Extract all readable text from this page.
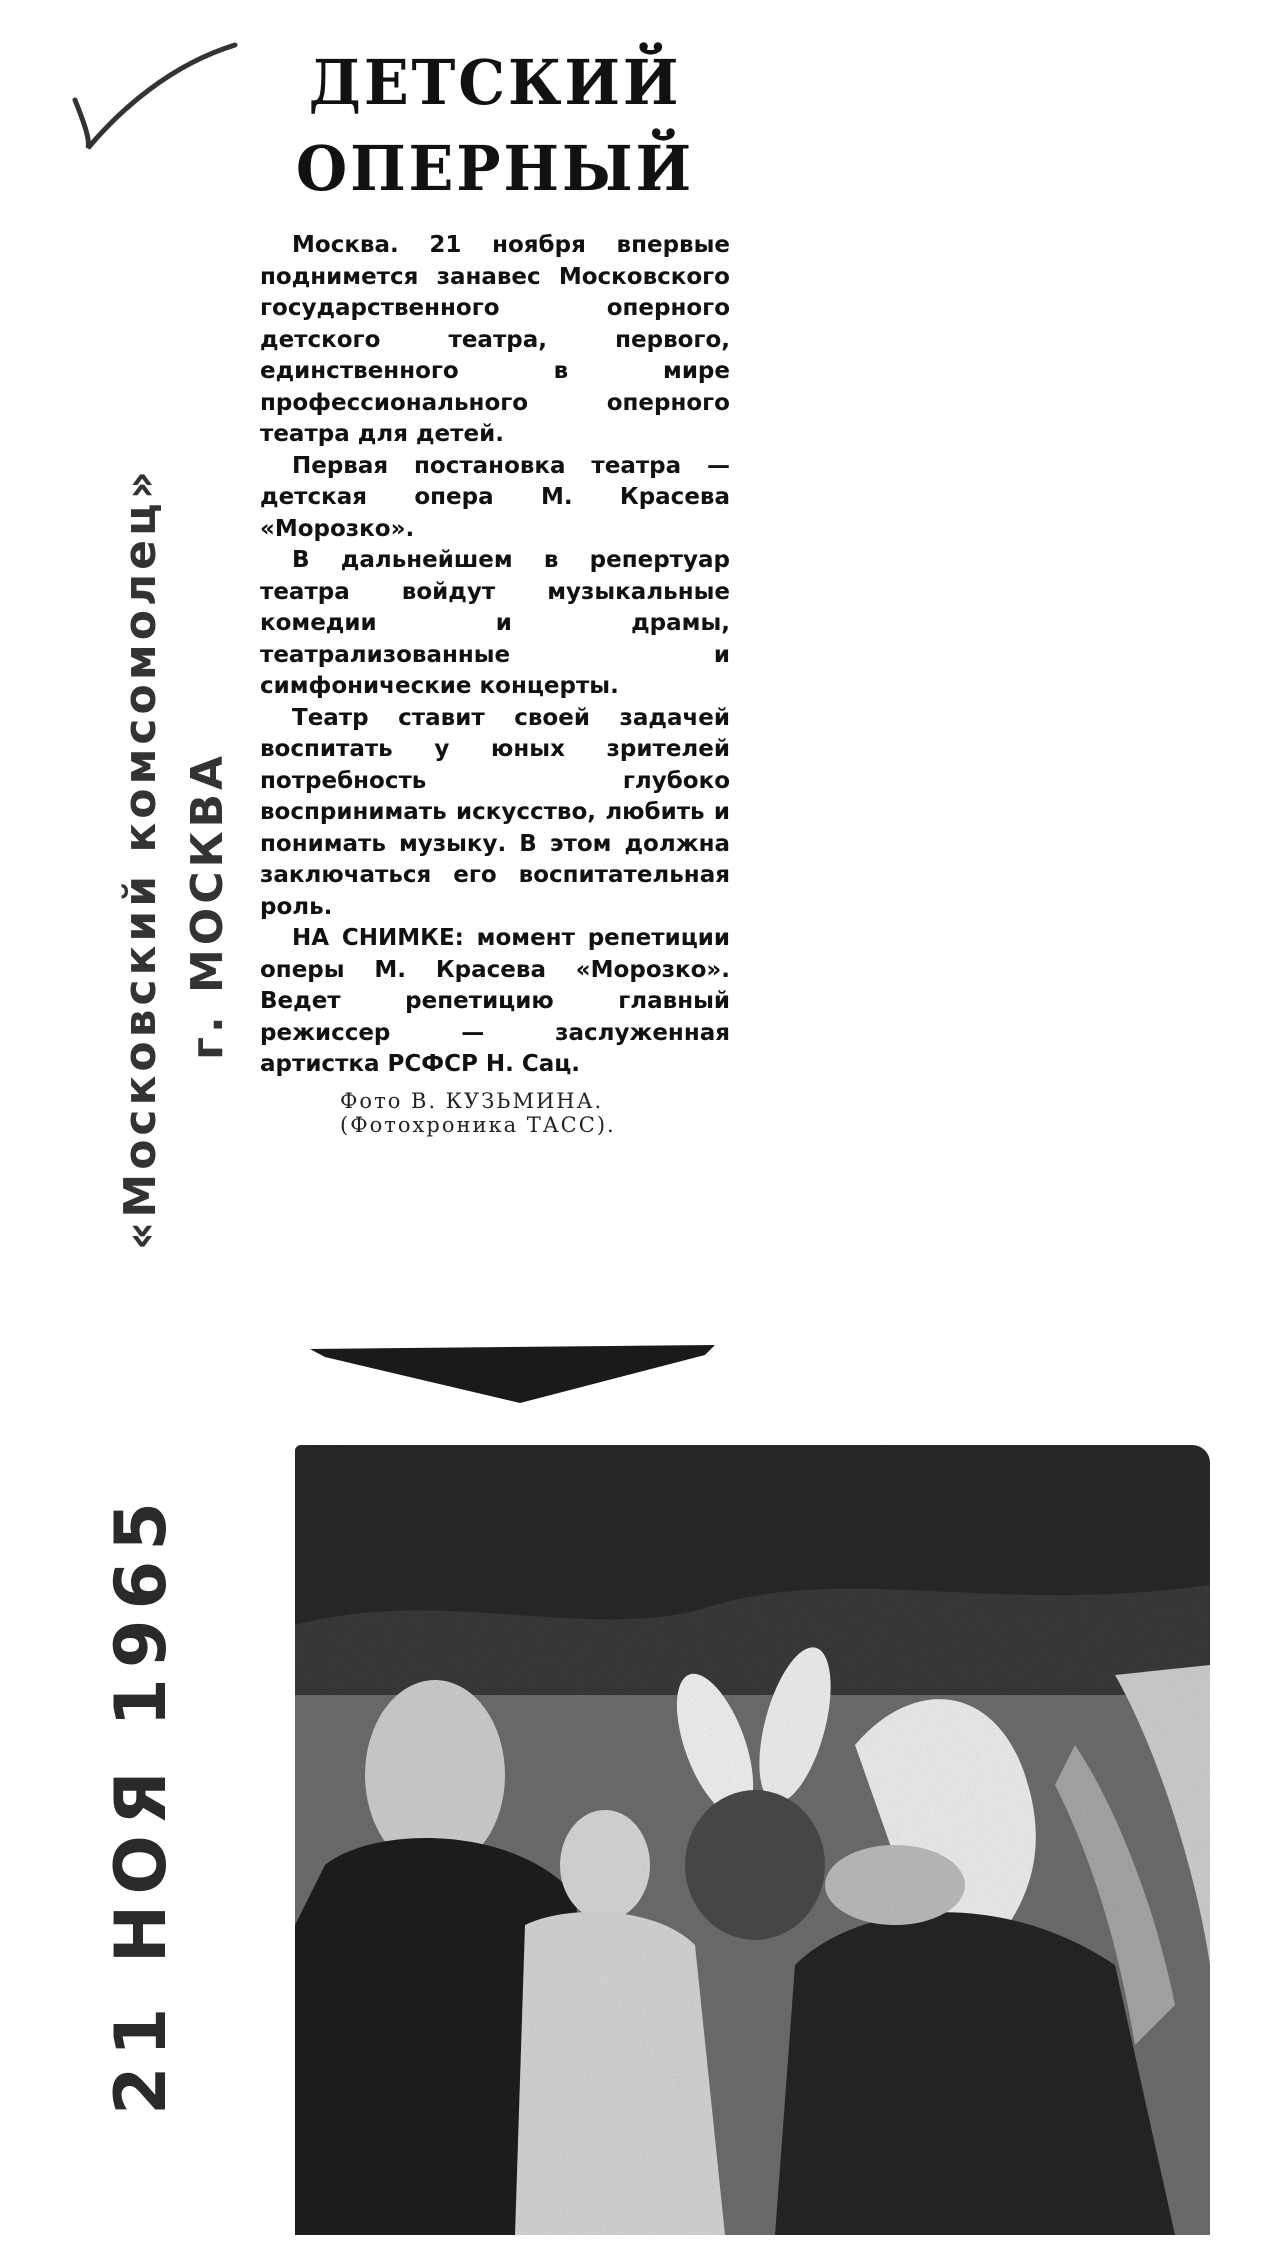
«Московский комсомолец» г. МОСКВА
21 НОЯ 1965
ДЕТСКИЙ
ОПЕРНЫЙ

Москва. 21 ноября впервые поднимется занавес Московского государственного оперного детского театра, первого, единственного в мире профессионального оперного театра для детей.

Первая постановка театра — детская опера М. Красева «Морозко».

В дальнейшем в репертуар театра войдут музыкальные комедии и драмы, театрализованные и симфонические концерты.

Театр ставит своей задачей воспитать у юных зрителей потребность глубоко воспринимать искусство, любить и понимать музыку. В этом должна заключаться его воспитательная роль.

НА СНИМКЕ: момент репетиции оперы М. Красева «Морозко». Ведет репетицию главный режиссер — заслуженная артистка РСФСР Н. Сац.

Фото В. КУЗЬМИНА.
(Фотохроника ТАСС).
